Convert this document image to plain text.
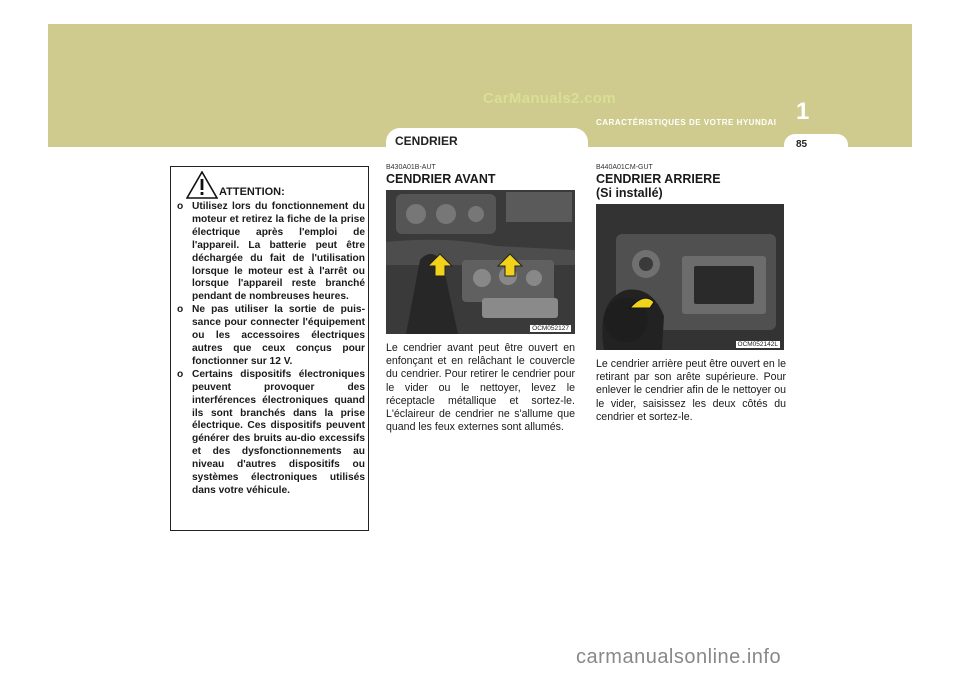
CarManuals2.com	1
CARACTÉRISTIQUES DE VOTRE HYUNDAI
CENDRIER	85
ATTENTION:
o Utilisez lors du fonctionnement du moteur et retirez la fiche de la prise électrique après l'emploi de l'appareil. La batterie peut être déchargée du fait de l'utilisation lorsque le moteur est à l'arrêt ou lorsque l'appareil reste branché pendant de nombreuses heures.
o Ne pas utiliser la sortie de puis-sance pour connecter l'équipement ou les accessoires électriques autres que ceux conçus pour fonctionner sur 12 V.
o Certains dispositifs électroniques peuvent provoquer des interférences électroniques quand ils sont branchés dans la prise électrique. Ces dispositifs peuvent générer des bruits au-dio excessifs et des dysfonctionnements au niveau d'autres dispositifs ou systèmes électroniques utilisés dans votre véhicule.
B430A01B-AUT
CENDRIER AVANT
OCM052127
Le cendrier avant peut être ouvert en enfonçant et en relâchant le couvercle du cendrier. Pour retirer le cendrier pour le vider ou le nettoyer, levez le réceptacle métallique et sortez-le. L'éclaireur de cendrier ne s'allume que quand les feux externes sont allumés.
B440A01CM-GUT
CENDRIER ARRIERE
(Si installé)
OCM052142L
Le cendrier arrière peut être ouvert en le retirant par son arête supérieure. Pour enlever le cendrier afin de le nettoyer ou le vider, saisissez les deux côtés du cendrier et sortez-le.
carmanualsonline.info
